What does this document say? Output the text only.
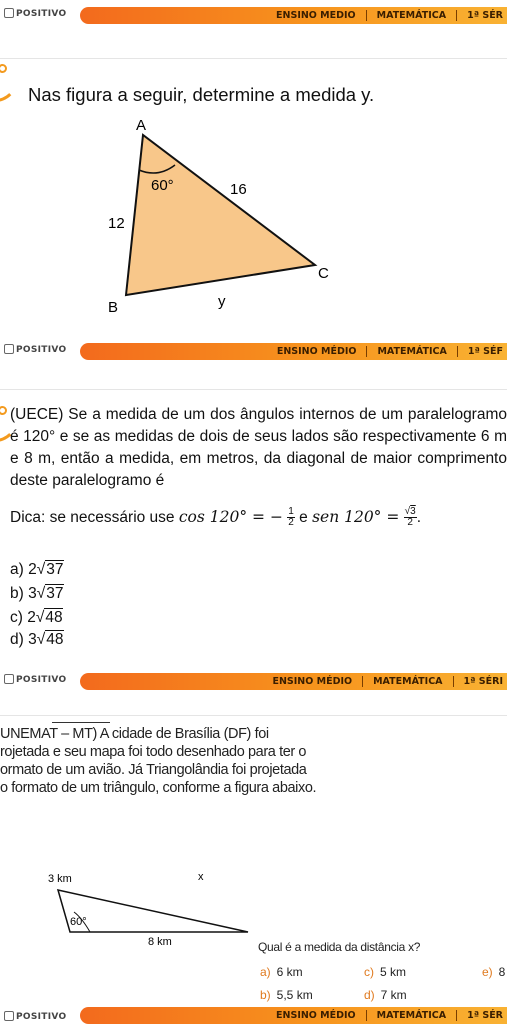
POSITIVO	ENSINO MEDIO MATEMÁTICA 1ª SÉR
Nas figura a seguir, determine a medida y.
A
B
C
60°	16
12
y
POSITIVO	ENSINO MÉDIO MATEMÁTICA 1ª SÉF

(UECE) Se a medida de um dos ângulos internos de um paralelogramo é 120° e se as medidas de dois de seus lados são respectivamente 6 m e 8 m, então a medida, em metros, da diagonal de maior comprimento deste paralelogramo é

Dica: se necessário use cos 120° = − $\frac{1}{2}$ e sen $120^\circ = \frac{√3}{2}$ .

a) 2√37
b) 3√37
c) 2√48
d) 3√48
POSITIVO	ENSINO MÉDIO MATEMÁTICA 1ª SÉRI

UNEMAT – MT) A cidade de Brasília (DF) foi

rojetada e seu mapa foi todo desenhado para ter o

ormato de um avião. Já Triangolândia foi projetada

o formato de um triângulo, conforme a figura abaixo.

3 km	x
60°
8 km	Qual é a medida da distância x?
a) 6 km
b) 5,5 km
c) 5 km
d) 7 km
e) 8
POSITIVO	ENSINO MÉDIO MATEMÁTICA 1ª SÉR
